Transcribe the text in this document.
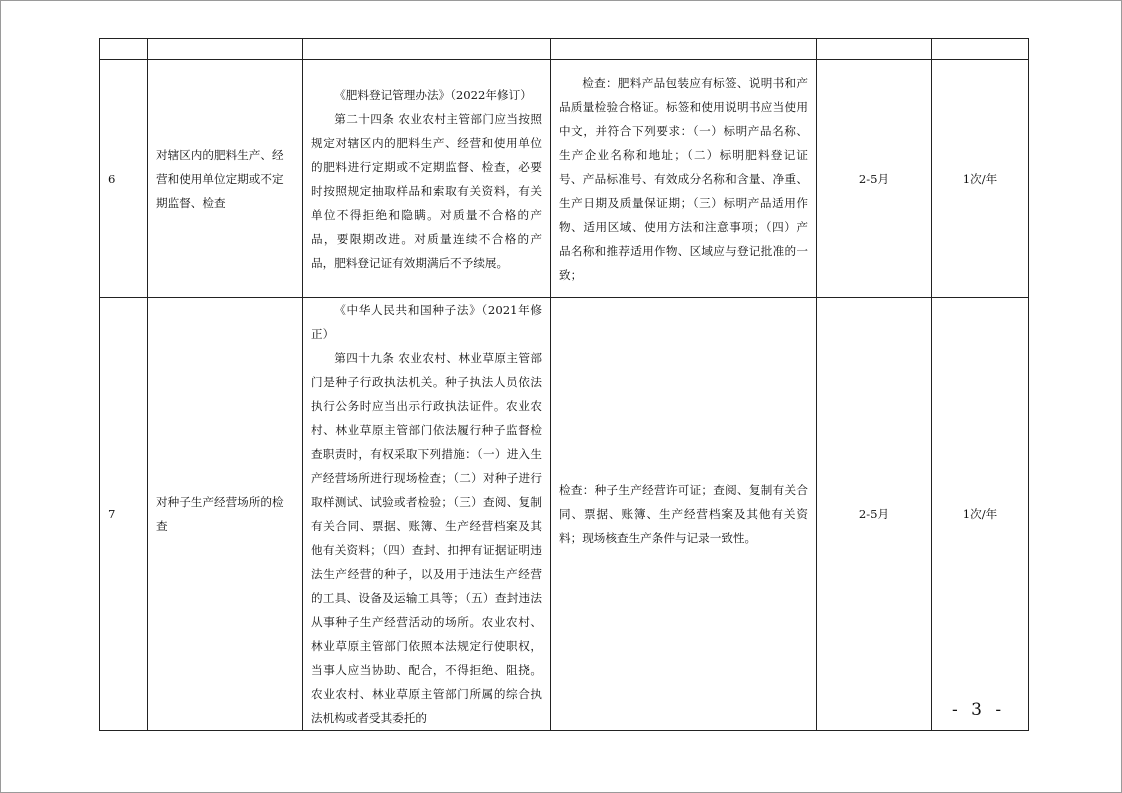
6	对辖区内的肥料生产、经营和使用单位定期或不定期监督、检查	《肥料登记管理办法》（2022年修订）

第二十四条 农业农村主管部门应当按照规定对辖区内的肥料生产、经营和使用单位的肥料进行定期或不定期监督、检查，必要时按照规定抽取样品和索取有关资料，有关单位不得拒绝和隐瞒。对质量不合格的产品，要限期改进。对质量连续不合格的产品，肥料登记证有效期满后不予续展。	检查：肥料产品包装应有标签、说明书和产品质量检验合格证。标签和使用说明书应当使用中文，并符合下列要求：（一）标明产品名称、生产企业名称和地址；（二）标明肥料登记证号、产品标准号、有效成分名称和含量、净重、生产日期及质量保证期；（三）标明产品适用作物、适用区域、使用方法和注意事项；（四）产品名称和推荐适用作物、区域应与登记批准的一致；	2-5月	1次/年
7	对种子生产经营场所的检查	《中华人民共和国种子法》（2021年修正）

第四十九条 农业农村、林业草原主管部门是种子行政执法机关。种子执法人员依法执行公务时应当出示行政执法证件。农业农村、林业草原主管部门依法履行种子监督检查职责时，有权采取下列措施：（一）进入生产经营场所进行现场检查；（二）对种子进行取样测试、试验或者检验；（三）查阅、复制有关合同、票据、账簿、生产经营档案及其他有关资料；（四）查封、扣押有证据证明违法生产经营的种子，以及用于违法生产经营的工具、设备及运输工具等；（五）查封违法从事种子生产经营活动的场所。农业农村、林业草原主管部门依照本法规定行使职权，当事人应当协助、配合，不得拒绝、阻挠。农业农村、林业草原主管部门所属的综合执法机构或者受其委托的	检查：种子生产经营许可证；查阅、复制有关合同、票据、账簿、生产经营档案及其他有关资料；现场核查生产条件与记录一致性。	2-5月	1次/年
- 3 -
